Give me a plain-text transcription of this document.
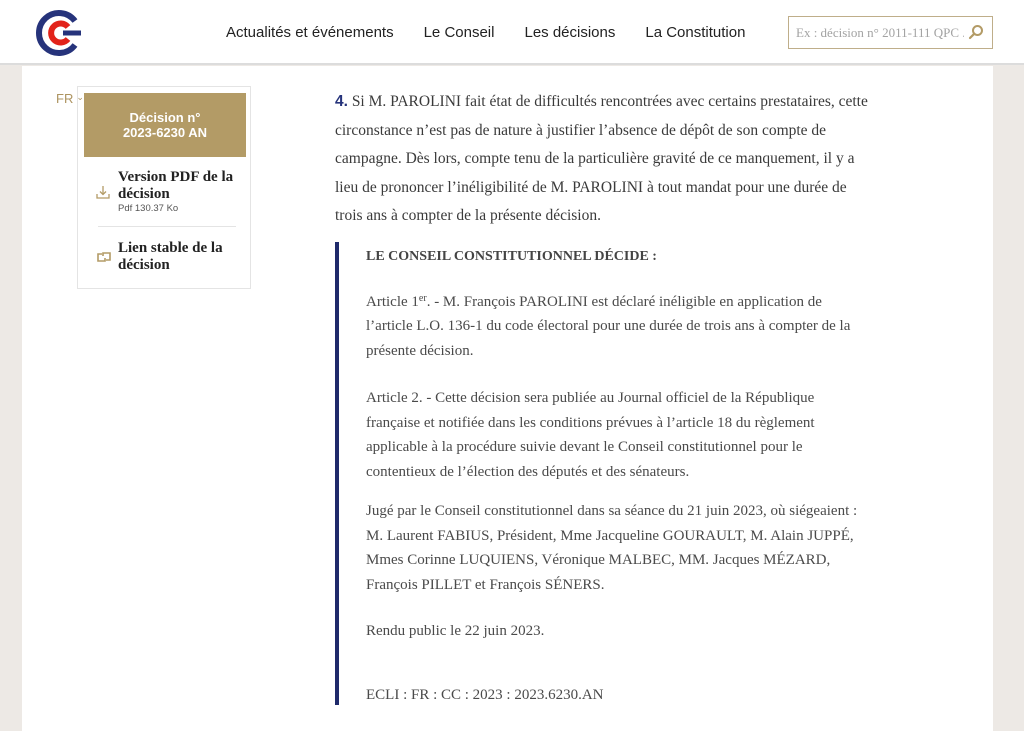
Actualités et événements Le Conseil Les décisions La Constitution
Ex : décision n° 2011-111 QPC ...
Décision n°
2023-6230 AN
Version PDF de la décision
Pdf 130.37 Ko
Lien stable de la décision
FR ⌄	4. Si M. PAROLINI fait état de difficultés rencontrées avec certains prestataires, cette circonstance n’est pas de nature à justifier l’absence de dépôt de son compte de campagne. Dès lors, compte tenu de la particulière gravité de ce manquement, il y a lieu de prononcer l’inéligibilité de M. PAROLINI à tout mandat pour une durée de trois ans à compter de la présente décision.

LE CONSEIL CONSTITUTIONNEL DÉCIDE :

Article 1er. - M. François PAROLINI est déclaré inéligible en application de l’article L.O. 136-1 du code électoral pour une durée de trois ans à compter de la présente décision.

Article 2. - Cette décision sera publiée au Journal officiel de la République française et notifiée dans les conditions prévues à l’article 18 du règlement applicable à la procédure suivie devant le Conseil constitutionnel pour le contentieux de l’élection des députés et des sénateurs.

Jugé par le Conseil constitutionnel dans sa séance du 21 juin 2023, où siégeaient : M. Laurent FABIUS, Président, Mme Jacqueline GOURAULT, M. Alain JUPPÉ, Mmes Corinne LUQUIENS, Véronique MALBEC, MM. Jacques MÉZARD, François PILLET et François SÉNERS.

Rendu public le 22 juin 2023.

ECLI : FR : CC : 2023 : 2023.6230.AN
